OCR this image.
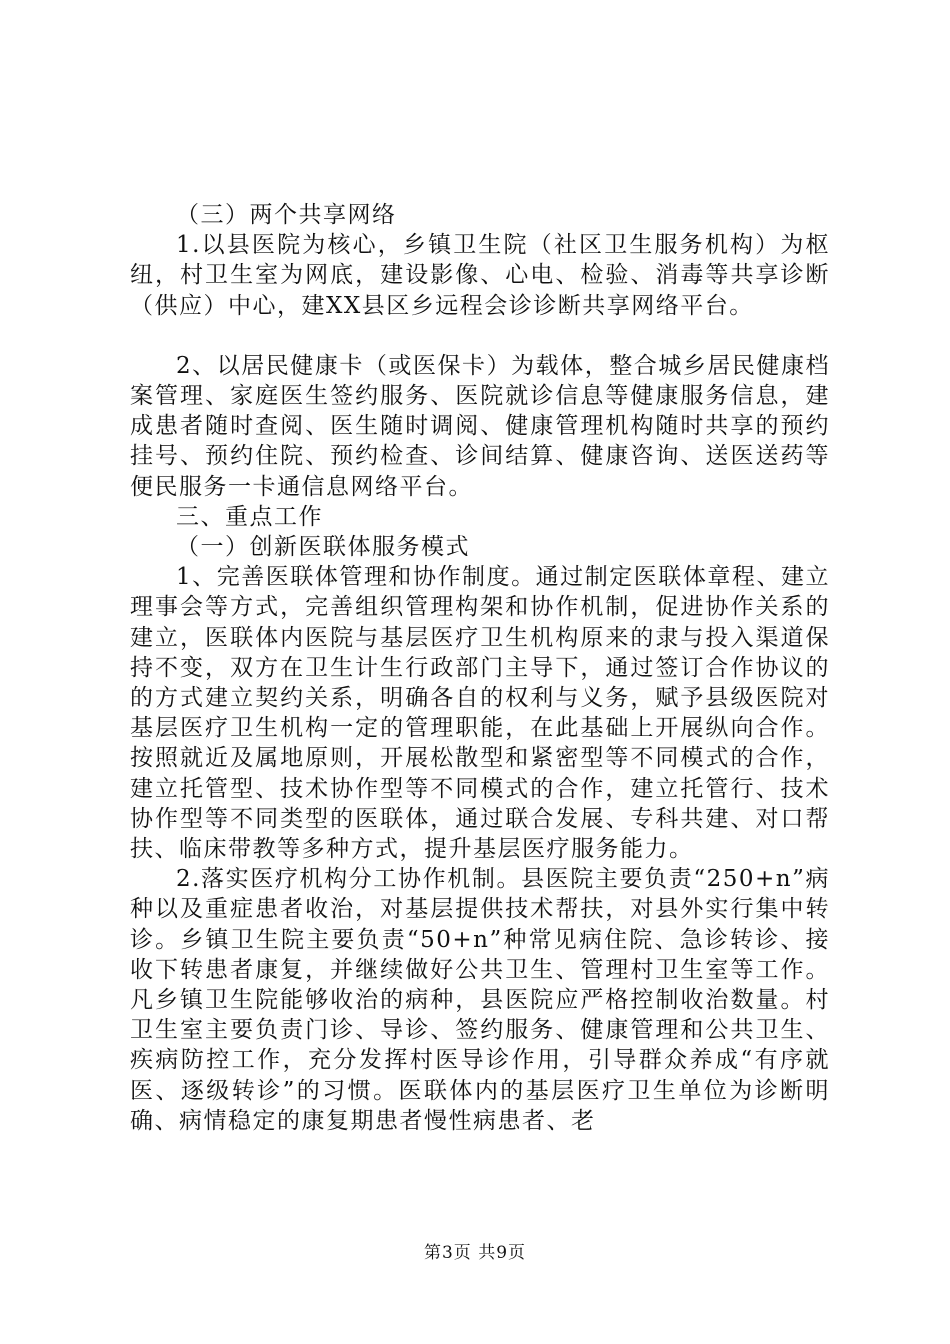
（三）两个共享网络

1.以县医院为核心，乡镇卫生院（社区卫生服务机构）为枢纽，村卫生室为网底，建设影像、心电、检验、消毒等共享诊断（供应）中心，建XX县区乡远程会诊诊断共享网络平台。

2、以居民健康卡（或医保卡）为载体，整合城乡居民健康档案管理、家庭医生签约服务、医院就诊信息等健康服务信息，建成患者随时查阅、医生随时调阅、健康管理机构随时共享的预约挂号、预约住院、预约检查、诊间结算、健康咨询、送医送药等便民服务一卡通信息网络平台。

三、重点工作

（一）创新医联体服务模式

1、完善医联体管理和协作制度。通过制定医联体章程、建立理事会等方式，完善组织管理构架和协作机制，促进协作关系的建立，医联体内医院与基层医疗卫生机构原来的隶与投入渠道保持不变，双方在卫生计生行政部门主导下，通过签订合作协议的的方式建立契约关系，明确各自的权利与义务，赋予县级医院对基层医疗卫生机构一定的管理职能，在此基础上开展纵向合作。按照就近及属地原则，开展松散型和紧密型等不同模式的合作，建立托管型、技术协作型等不同模式的合作，建立托管行、技术协作型等不同类型的医联体，通过联合发展、专科共建、对口帮扶、临床带教等多种方式，提升基层医疗服务能力。

2.落实医疗机构分工协作机制。县医院主要负责“250+n”病种以及重症患者收治，对基层提供技术帮扶，对县外实行集中转诊。乡镇卫生院主要负责“50+n”种常见病住院、急诊转诊、接收下转患者康复，并继续做好公共卫生、管理村卫生室等工作。凡乡镇卫生院能够收治的病种，县医院应严格控制收治数量。村卫生室主要负责门诊、导诊、签约服务、健康管理和公共卫生、疾病防控工作，充分发挥村医导诊作用，引导群众养成“有序就医、逐级转诊”的习惯。医联体内的基层医疗卫生单位为诊断明确、病情稳定的康复期患者慢性病患者、老

第3页 共9页
